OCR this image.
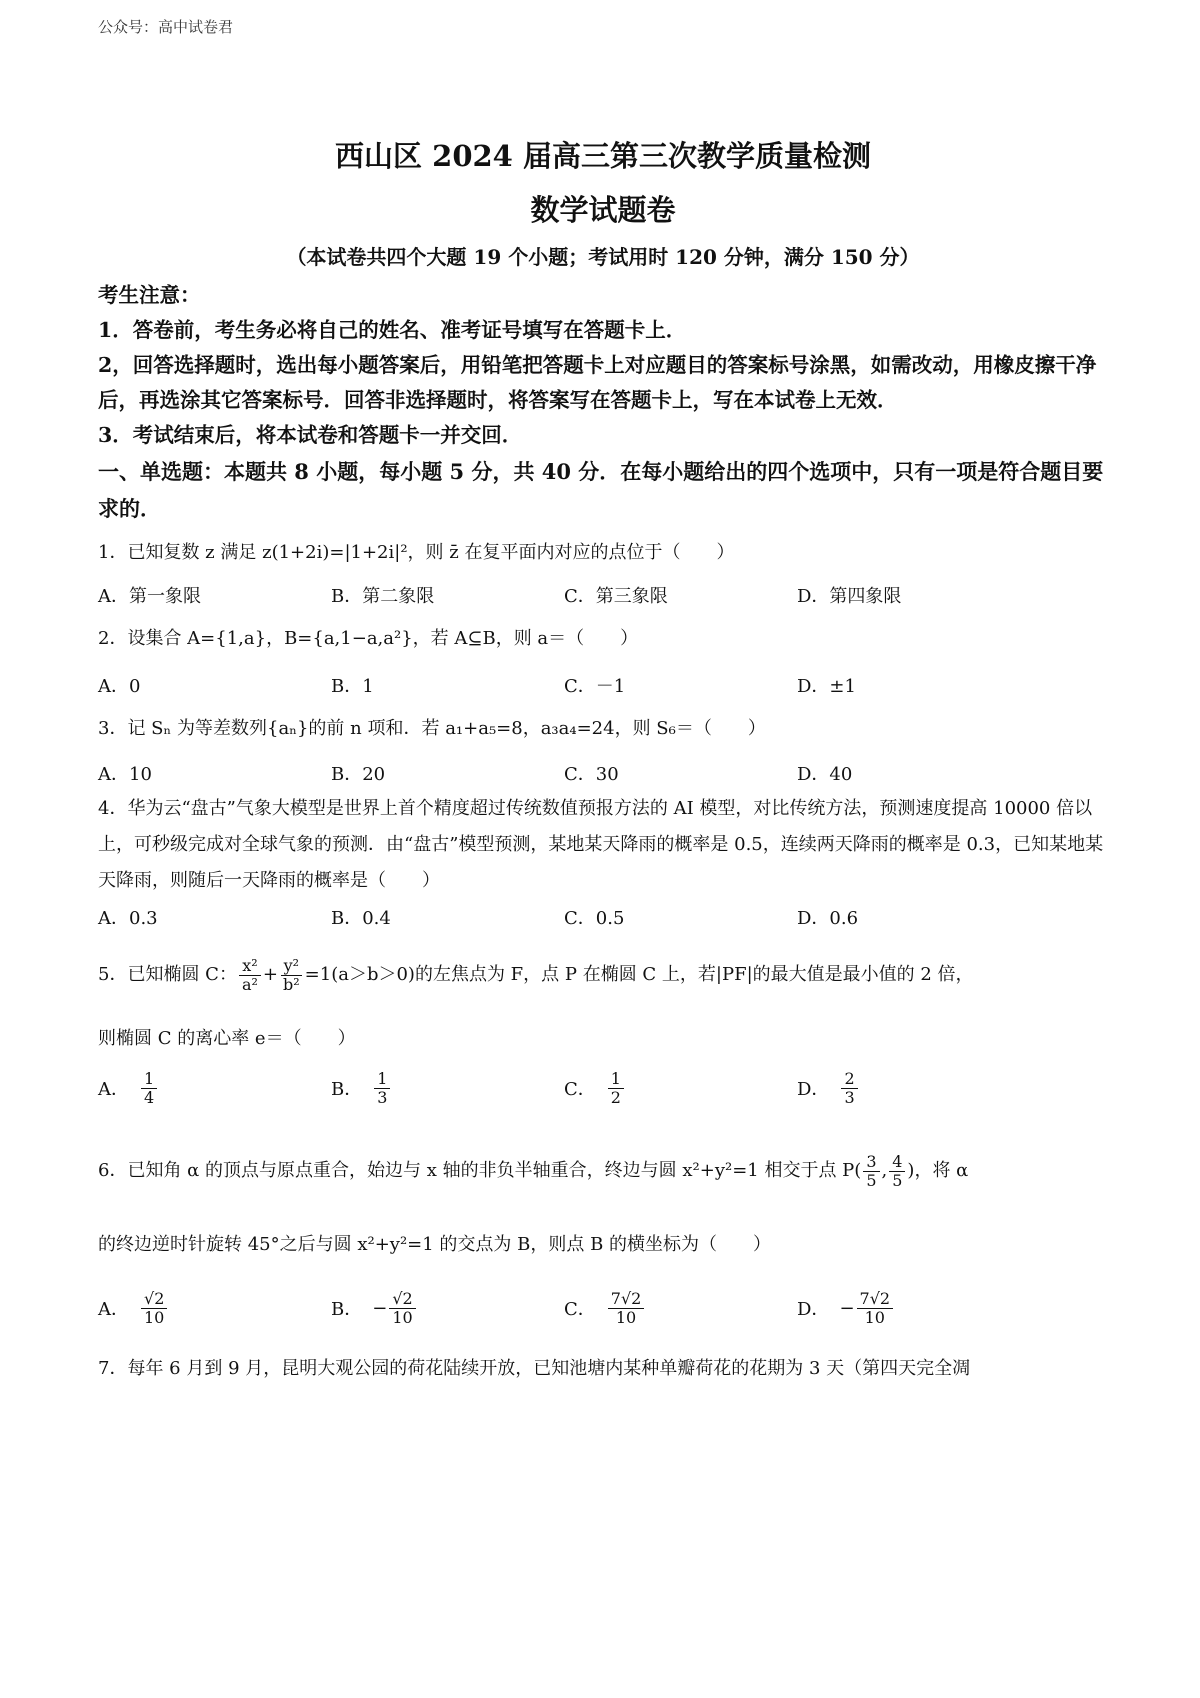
公众号：高中试卷君
西山区 2024 届高三第三次教学质量检测
数学试题卷
（本试卷共四个大题 19 个小题；考试用时 120 分钟，满分 150 分）

考生注意：

1．答卷前，考生务必将自己的姓名、准考证号填写在答题卡上．

2，回答选择题时，选出每小题答案后，用铅笔把答题卡上对应题目的答案标号涂黑，如需改动，用橡皮擦干净后，再选涂其它答案标号．回答非选择题时，将答案写在答题卡上，写在本试卷上无效．

3．考试结束后，将本试卷和答题卡一并交回．

一、单选题：本题共 8 小题，每小题 5 分，共 40 分．在每小题给出的四个选项中，只有一项是符合题目要求的．

1．已知复数 z 满足 z(1+2i)=|1+2i|²，则 z̄ 在复平面内对应的点位于（　　）

A．第一象限	B．第二象限	C．第三象限	D．第四象限

2．设集合 A={1,a}，B={a,1−a,a²}，若 A⊆B，则 a＝（　　）

A．0	B．1	C．－1	D．±1

3．记 Sₙ 为等差数列{aₙ}的前 n 项和．若 a₁+a₅=8，a₃a₄=24，则 S₆＝（　　）

A．10	B．20	C．30	D．40

4．华为云“盘古”气象大模型是世界上首个精度超过传统数值预报方法的 AI 模型，对比传统方法，预测速度提高 10000 倍以上，可秒级完成对全球气象的预测．由“盘古”模型预测，某地某天降雨的概率是 0.5，连续两天降雨的概率是 0.3，已知某地某天降雨，则随后一天降雨的概率是（　　）

A．0.3	B．0.4	C．0.5	D．0.6
5．已知椭圆 C： $\frac{\text{x²}}{\text{a²}} + \frac{\text{y²}}{\text{b²}} =1(a>b>0)$的左焦点为 F，点 P 在椭圆 C 上，若|PF|的最大值是最小值的 2 倍，

则椭圆 C 的离心率 e＝（　　）

A． $\frac{1}{4}$	B． $\frac{1}{3}$	C． $\frac{1}{2}$	D． $\frac{2}{3}$
6．已知角 α 的顶点与原点重合，始边与 x 轴的非负半轴重合，终边与圆 x²+y²=1 相交于点 $P( \frac{3}{5}$ , $\frac{4}{5}$ )，将 α

的终边逆时针旋转 45°之后与圆 x²+y²=1 的交点为 B，则点 B 的横坐标为（　　）

A． $\frac{√2}{10}$	B． − $\frac{√2}{10}$	C． $\frac{7√2}{10}$	D． − $\frac{7√2}{10}$

7．每年 6 月到 9 月，昆明大观公园的荷花陆续开放，已知池塘内某种单瓣荷花的花期为 3 天（第四天完全凋
